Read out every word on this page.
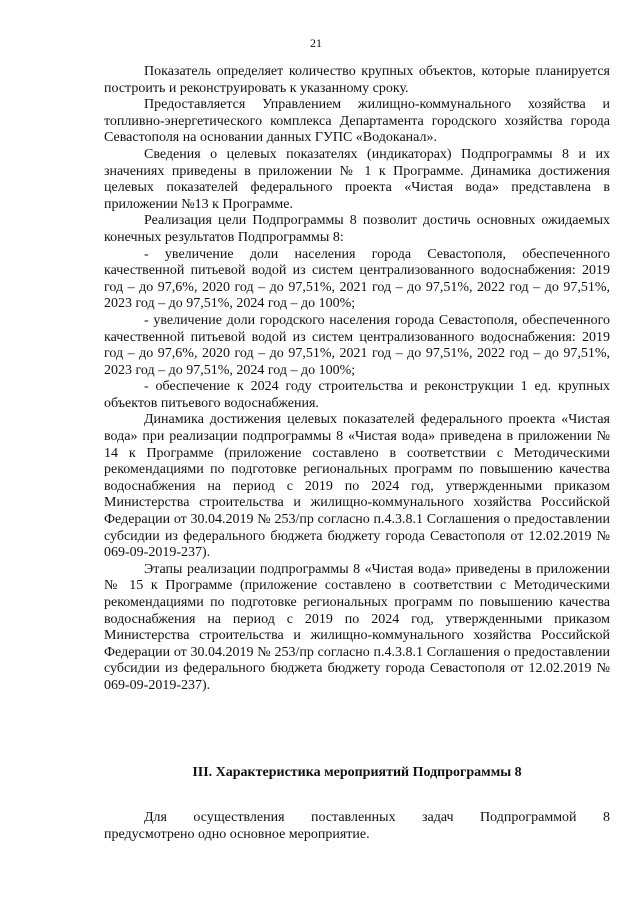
21

Показатель определяет количество крупных объектов, которые планируется построить и реконструировать к указанному сроку.

Предоставляется Управлением жилищно-коммунального хозяйства и топливно-энергетического комплекса Департамента городского хозяйства города Севастополя на основании данных ГУПС «Водоканал».

Сведения о целевых показателях (индикаторах) Подпрограммы 8 и их значениях приведены в приложении № 1 к Программе. Динамика достижения целевых показателей федерального проекта «Чистая вода» представлена в приложении №13 к Программе.

Реализация цели Подпрограммы 8 позволит достичь основных ожидаемых конечных результатов Подпрограммы 8:

- увеличение доли населения города Севастополя, обеспеченного качественной питьевой водой из систем централизованного водоснабжения: 2019 год – до 97,6%, 2020 год – до 97,51%, 2021 год – до 97,51%, 2022 год – до 97,51%, 2023 год – до 97,51%, 2024 год – до 100%;

- увеличение доли городского населения города Севастополя, обеспеченного качественной питьевой водой из систем централизованного водоснабжения: 2019 год – до 97,6%, 2020 год – до 97,51%, 2021 год – до 97,51%, 2022 год – до 97,51%, 2023 год – до 97,51%, 2024 год – до 100%;

- обеспечение к 2024 году строительства и реконструкции 1 ед. крупных объектов питьевого водоснабжения.

Динамика достижения целевых показателей федерального проекта «Чистая вода» при реализации подпрограммы 8 «Чистая вода» приведена в приложении № 14 к Программе (приложение составлено в соответствии с Методическими рекомендациями по подготовке региональных программ по повышению качества водоснабжения на период с 2019 по 2024 год, утвержденными приказом Министерства строительства и жилищно-коммунального хозяйства Российской Федерации от 30.04.2019 № 253/пр согласно п.4.3.8.1 Соглашения о предоставлении субсидии из федерального бюджета бюджету города Севастополя от 12.02.2019 № 069-09-2019-237).

Этапы реализации подпрограммы 8 «Чистая вода» приведены в приложении № 15 к Программе (приложение составлено в соответствии с Методическими рекомендациями по подготовке региональных программ по повышению качества водоснабжения на период с 2019 по 2024 год, утвержденными приказом Министерства строительства и жилищно-коммунального хозяйства Российской Федерации от 30.04.2019 № 253/пр согласно п.4.3.8.1 Соглашения о предоставлении субсидии из федерального бюджета бюджету города Севастополя от 12.02.2019 № 069-09-2019-237).

III. Характеристика мероприятий Подпрограммы 8

Для осуществления поставленных задач Подпрограммой 8

предусмотрено одно основное мероприятие.
